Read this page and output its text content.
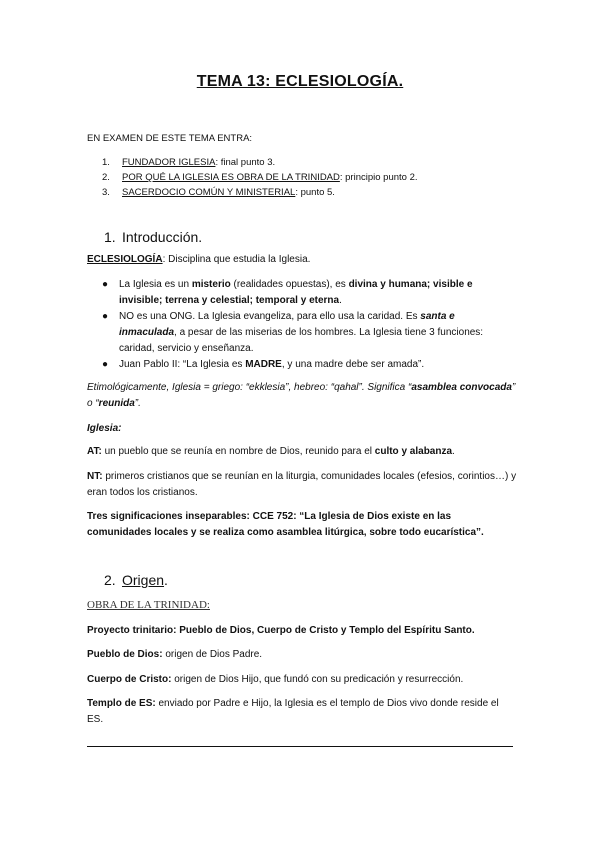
TEMA 13: ECLESIOLOGÍA.
EN EXAMEN DE ESTE TEMA ENTRA:
1. FUNDADOR IGLESIA: final punto 3.
2. POR QUÉ LA IGLESIA ES OBRA DE LA TRINIDAD: principio punto 2.
3. SACERDOCIO COMÚN Y MINISTERIAL: punto 5.
1. Introducción.
ECLESIOLOGÍA: Disciplina que estudia la Iglesia.
● La Iglesia es un misterio (realidades opuestas), es divina y humana; visible e invisible; terrena y celestial; temporal y eterna.
● NO es una ONG. La Iglesia evangeliza, para ello usa la caridad. Es santa e inmaculada, a pesar de las miserias de los hombres. La Iglesia tiene 3 funciones: caridad, servicio y enseñanza.
● Juan Pablo II: “La Iglesia es MADRE, y una madre debe ser amada”.
Etimológicamente, Iglesia = griego: “ekklesia”, hebreo: “qahal”. Significa “asamblea convocada” o “reunida”.
Iglesia:
AT: un pueblo que se reunía en nombre de Dios, reunido para el culto y alabanza.
NT: primeros cristianos que se reunían en la liturgia, comunidades locales (efesios, corintios…) y eran todos los cristianos.
Tres significaciones inseparables: CCE 752: “La Iglesia de Dios existe en las comunidades locales y se realiza como asamblea litúrgica, sobre todo eucarística”.
2. Origen.
OBRA DE LA TRINIDAD:
Proyecto trinitario: Pueblo de Dios, Cuerpo de Cristo y Templo del Espíritu Santo.
Pueblo de Dios: origen de Dios Padre.
Cuerpo de Cristo: origen de Dios Hijo, que fundó con su predicación y resurrección.
Templo de ES: enviado por Padre e Hijo, la Iglesia es el templo de Dios vivo donde reside el ES.
